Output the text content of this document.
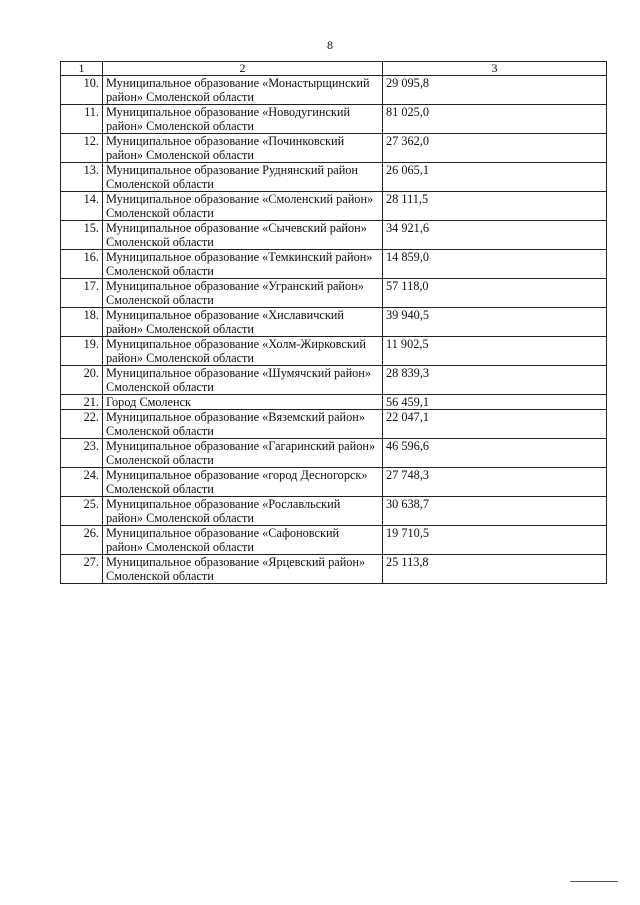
8
1	2	3
10.	Муниципальное образование «Монастырщинский район» Смоленской области	29 095,8
11.	Муниципальное образование «Новодугинский район» Смоленской области	81 025,0
12.	Муниципальное образование «Починковский район» Смоленской области	27 362,0
13.	Муниципальное образование Руднянский район Смоленской области	26 065,1
14.	Муниципальное образование «Смоленский район» Смоленской области	28 111,5
15.	Муниципальное образование «Сычевский район» Смоленской области	34 921,6
16.	Муниципальное образование «Темкинский район» Смоленской области	14 859,0
17.	Муниципальное образование «Угранский район» Смоленской области	57 118,0
18.	Муниципальное образование «Хиславичский район» Смоленской области	39 940,5
19.	Муниципальное образование «Холм-Жирковский район» Смоленской области	11 902,5
20.	Муниципальное образование «Шумячский район» Смоленской области	28 839,3
21.	Город Смоленск	56 459,1
22.	Муниципальное образование «Вяземский район» Смоленской области	22 047,1
23.	Муниципальное образование «Гагаринский район» Смоленской области	46 596,6
24.	Муниципальное образование «город Десногорск» Смоленской области	27 748,3
25.	Муниципальное образование «Рославльский район» Смоленской области	30 638,7
26.	Муниципальное образование «Сафоновский район» Смоленской области	19 710,5
27.	Муниципальное образование «Ярцевский район» Смоленской области	25 113,8
